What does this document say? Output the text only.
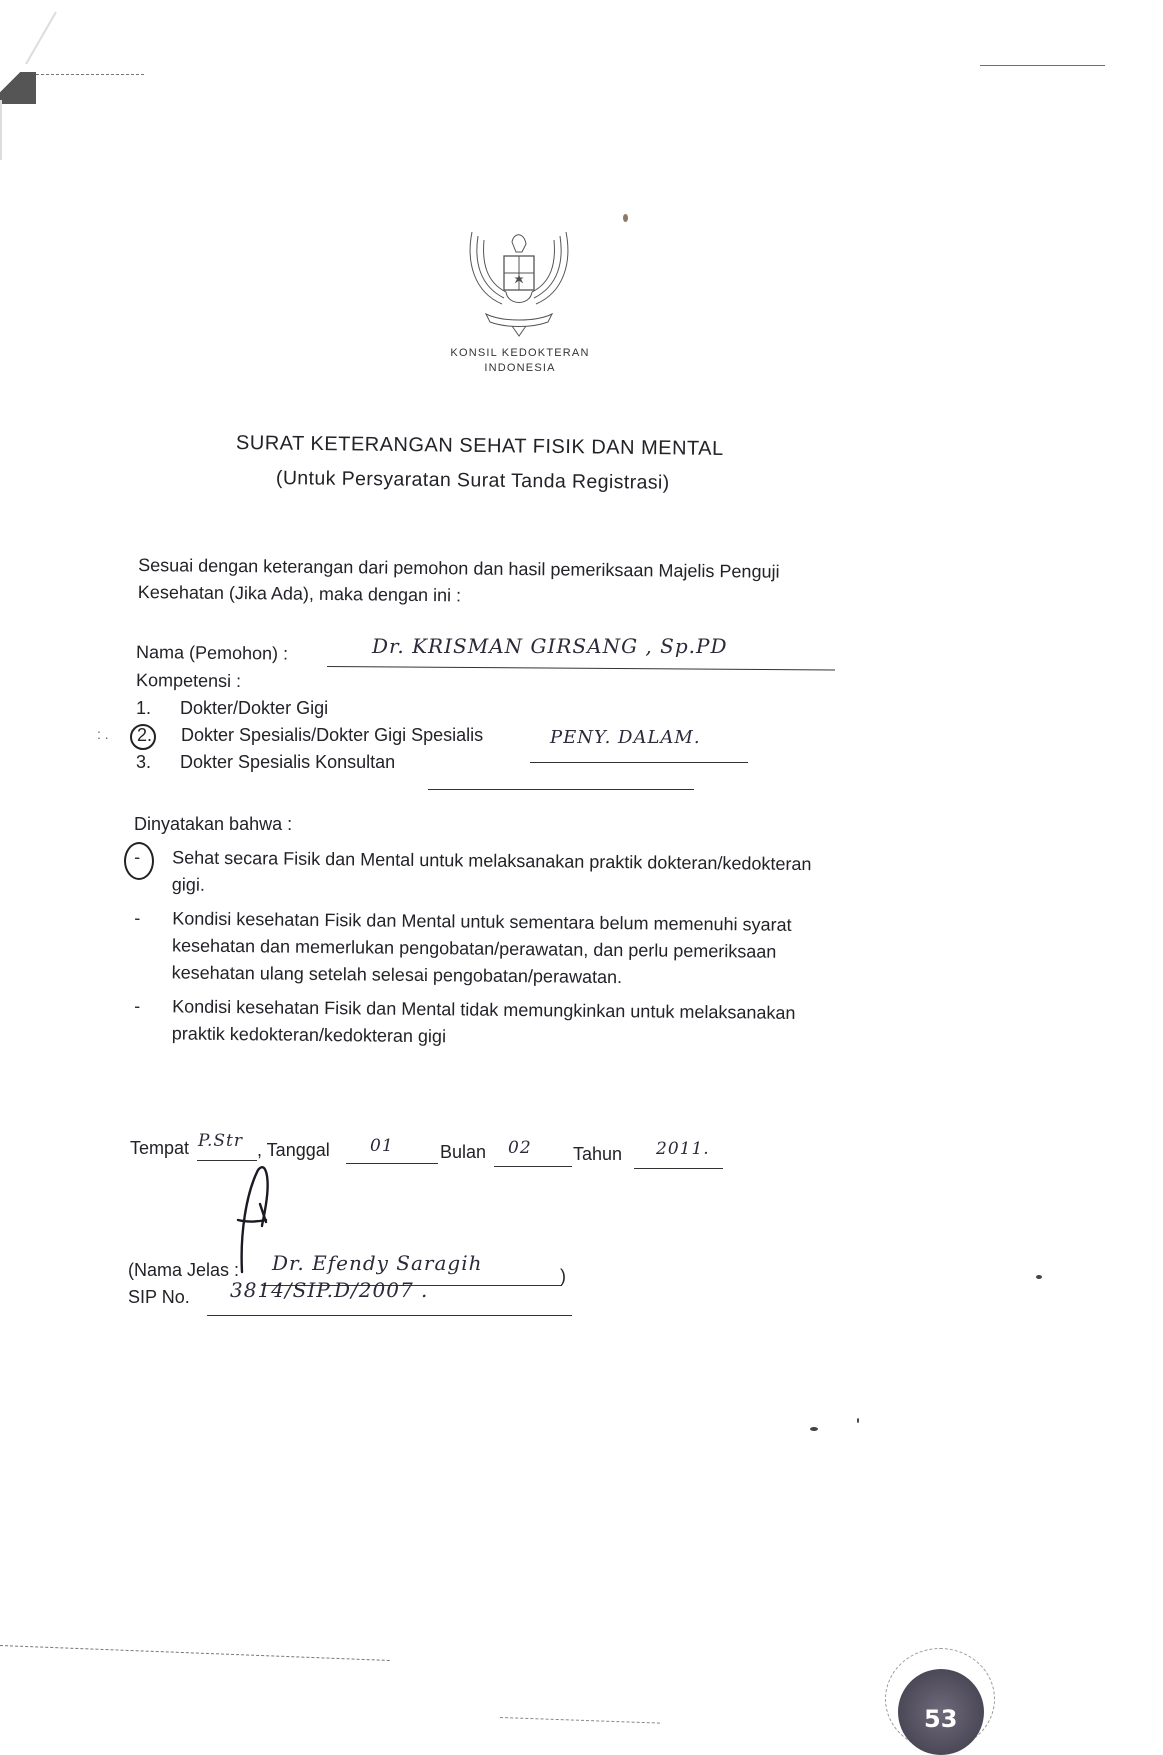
KONSIL KEDOKTERAN
INDONESIA
SURAT KETERANGAN SEHAT FISIK DAN MENTAL
(Untuk Persyaratan Surat Tanda Registrasi)
Sesuai dengan keterangan dari pemohon dan hasil pemeriksaan Majelis Penguji
Kesehatan (Jika Ada), maka dengan ini :
Nama (Pemohon) :	Dr. KRISMAN GIRSANG , Sp.PD
Kompetensi :
1. Dokter/Dokter Gigi
: . 2. Dokter Spesialis/Dokter Gigi Spesialis	PENY. DALAM.
3. Dokter Spesialis Konsultan
Dinyatakan bahwa :
- Sehat secara Fisik dan Mental untuk melaksanakan praktik dokteran/kedokteran
gigi.
- Kondisi kesehatan Fisik dan Mental untuk sementara belum memenuhi syarat
kesehatan dan memerlukan pengobatan/perawatan, dan perlu pemeriksaan
kesehatan ulang setelah selesai pengobatan/perawatan.
- Kondisi kesehatan Fisik dan Mental tidak memungkinkan untuk melaksanakan
praktik kedokteran/kedokteran gigi
Tempat P.Str , Tanggal 01	Bulan 02 Tahun 2011.
(Nama Jelas : Dr. Efendy Saragih
)
SIP No. 3814/SIP.D/2007 .
53
